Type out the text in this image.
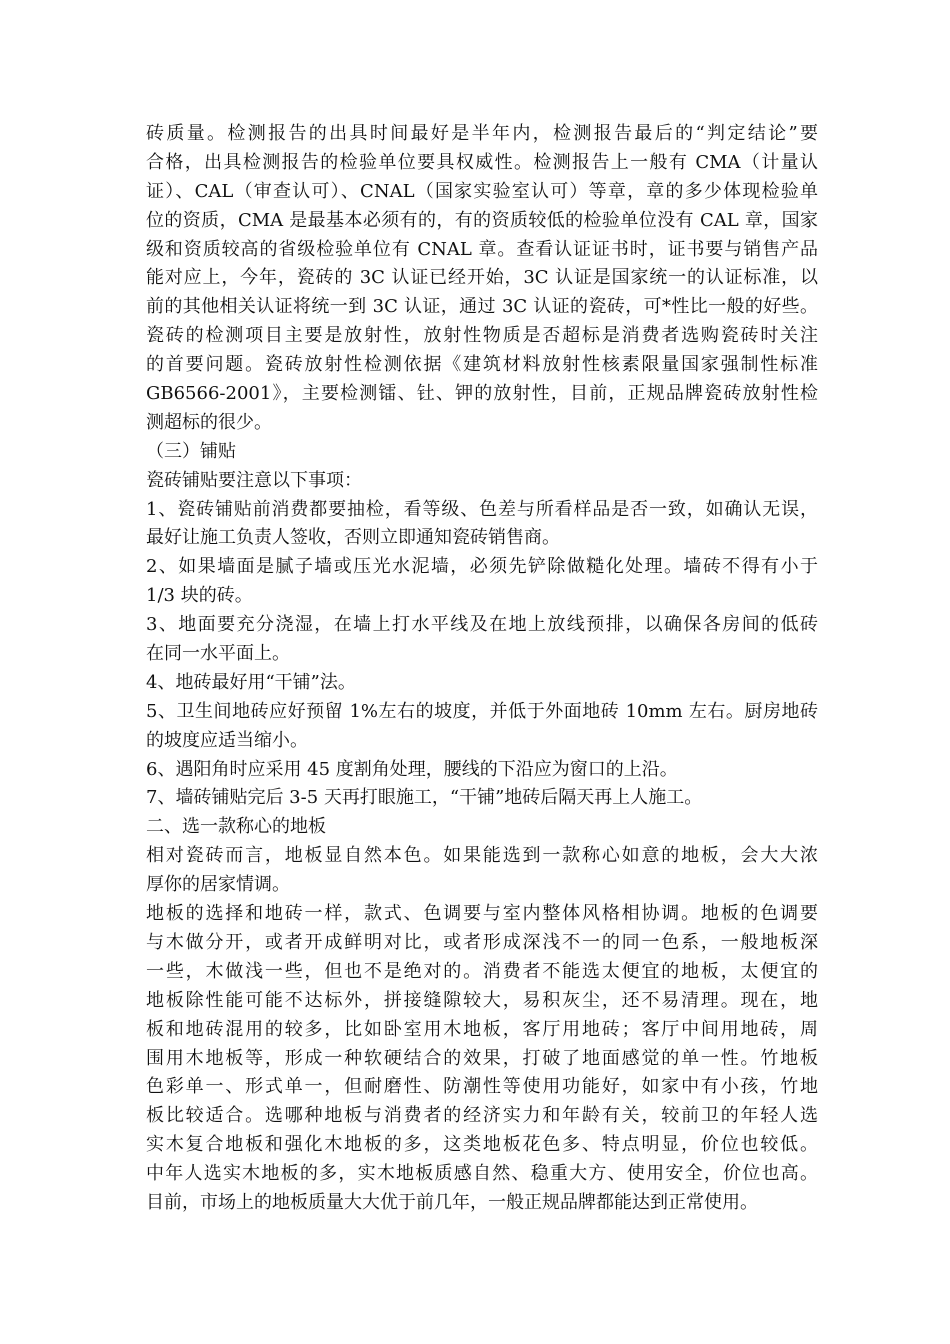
砖质量。检测报告的出具时间最好是半年内，检测报告最后的“判定结论”要
合格，出具检测报告的检验单位要具权威性。检测报告上一般有 CMA（计量认
证）、CAL（审查认可）、CNAL（国家实验室认可）等章，章的多少体现检验单
位的资质，CMA 是最基本必须有的，有的资质较低的检验单位没有 CAL 章，国家
级和资质较高的省级检验单位有 CNAL 章。查看认证证书时，证书要与销售产品
能对应上，今年，瓷砖的 3C 认证已经开始，3C 认证是国家统一的认证标准，以
前的其他相关认证将统一到 3C 认证，通过 3C 认证的瓷砖，可*性比一般的好些。
瓷砖的检测项目主要是放射性，放射性物质是否超标是消费者选购瓷砖时关注
的首要问题。瓷砖放射性检测依据《建筑材料放射性核素限量国家强制性标准
GB6566-2001》，主要检测镭、钍、钾的放射性，目前，正规品牌瓷砖放射性检
测超标的很少。
（三）铺贴
瓷砖铺贴要注意以下事项：
1、瓷砖铺贴前消费都要抽检，看等级、色差与所看样品是否一致，如确认无误，
最好让施工负责人签收，否则立即通知瓷砖销售商。
2、如果墙面是腻子墙或压光水泥墙，必须先铲除做糙化处理。墙砖不得有小于
1/3 块的砖。
3、地面要充分浇湿，在墙上打水平线及在地上放线预排，以确保各房间的低砖
在同一水平面上。
4、地砖最好用“干铺”法。
5、卫生间地砖应好预留 1%左右的坡度，并低于外面地砖 10mm 左右。厨房地砖
的坡度应适当缩小。
6、遇阳角时应采用 45 度割角处理，腰线的下沿应为窗口的上沿。
7、墙砖铺贴完后 3-5 天再打眼施工，“干铺”地砖后隔天再上人施工。
二、选一款称心的地板
相对瓷砖而言，地板显自然本色。如果能选到一款称心如意的地板，会大大浓
厚你的居家情调。
地板的选择和地砖一样，款式、色调要与室内整体风格相协调。地板的色调要
与木做分开，或者开成鲜明对比，或者形成深浅不一的同一色系，一般地板深
一些，木做浅一些，但也不是绝对的。消费者不能选太便宜的地板，太便宜的
地板除性能可能不达标外，拼接缝隙较大，易积灰尘，还不易清理。现在，地
板和地砖混用的较多，比如卧室用木地板，客厅用地砖；客厅中间用地砖，周
围用木地板等，形成一种软硬结合的效果，打破了地面感觉的单一性。竹地板
色彩单一、形式单一，但耐磨性、防潮性等使用功能好，如家中有小孩，竹地
板比较适合。选哪种地板与消费者的经济实力和年龄有关，较前卫的年轻人选
实木复合地板和强化木地板的多，这类地板花色多、特点明显，价位也较低。
中年人选实木地板的多，实木地板质感自然、稳重大方、使用安全，价位也高。
目前，市场上的地板质量大大优于前几年，一般正规品牌都能达到正常使用。
